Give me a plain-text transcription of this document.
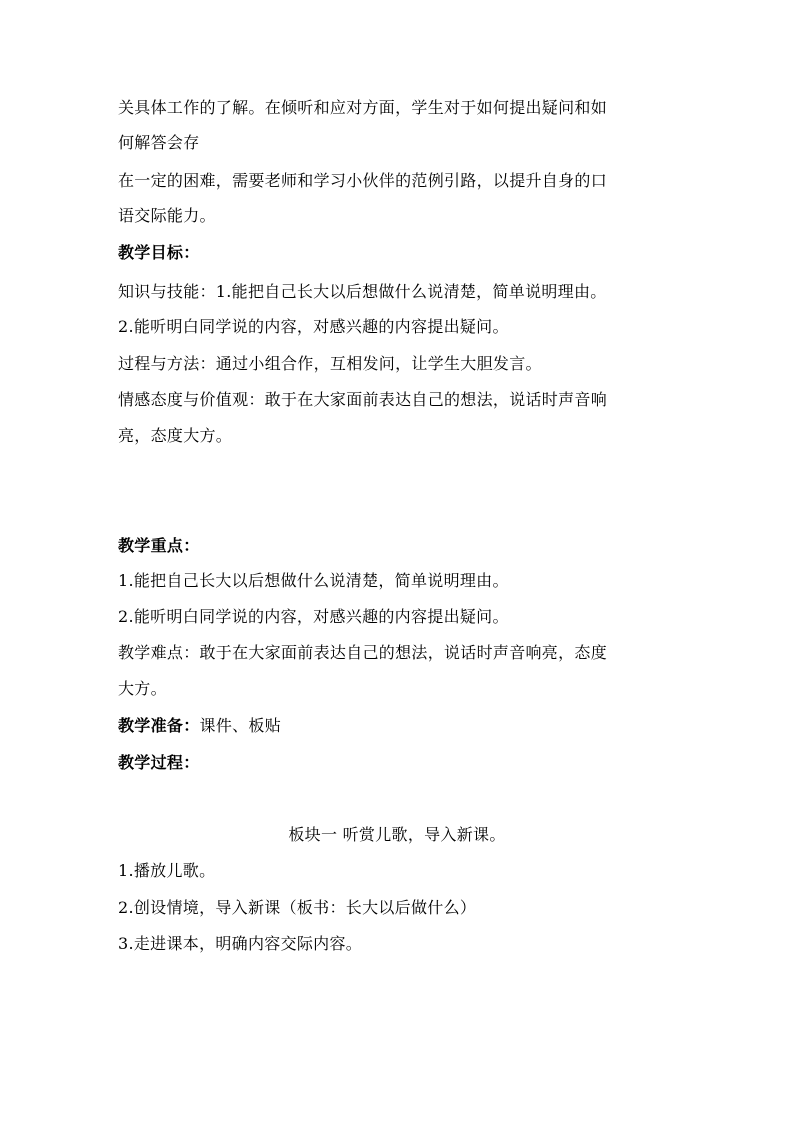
关具体工作的了解。在倾听和应对方面，学生对于如何提出疑问和如
何解答会存
在一定的困难，需要老师和学习小伙伴的范例引路，以提升自身的口
语交际能力。
教学目标：
知识与技能：1.能把自己长大以后想做什么说清楚，简单说明理由。
2.能听明白同学说的内容，对感兴趣的内容提出疑问。
过程与方法：通过小组合作，互相发问，让学生大胆发言。
情感态度与价值观：敢于在大家面前表达自己的想法，说话时声音响
亮，态度大方。
教学重点：
1.能把自己长大以后想做什么说清楚，简单说明理由。
2.能听明白同学说的内容，对感兴趣的内容提出疑问。
教学难点：敢于在大家面前表达自己的想法，说话时声音响亮，态度
大方。
教学准备：课件、板贴
教学过程：
板块一 听赏儿歌，导入新课。
1.播放儿歌。
2.创设情境，导入新课（板书：长大以后做什么）
3.走进课本，明确内容交际内容。
